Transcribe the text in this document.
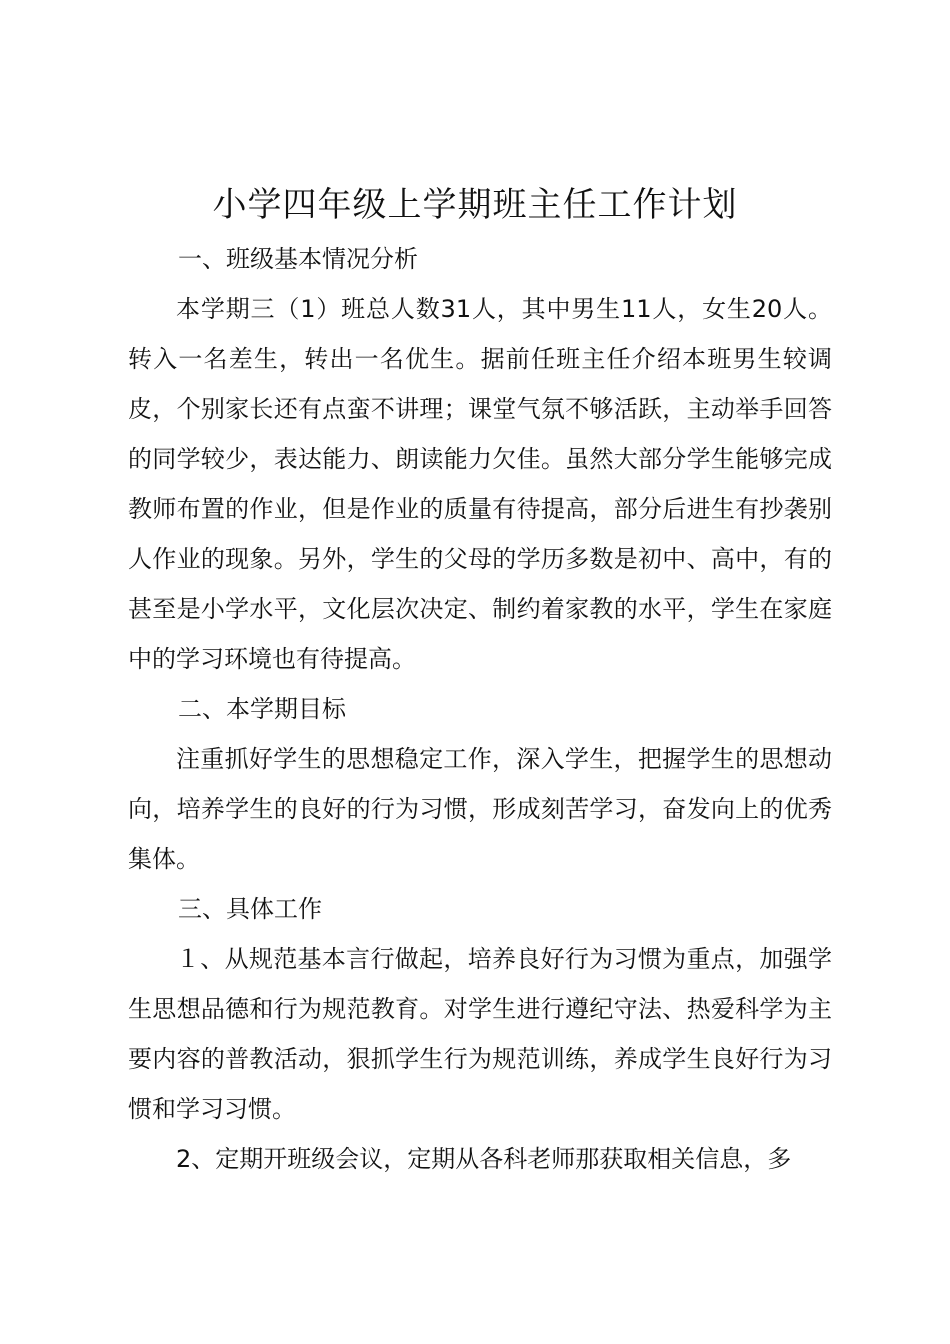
小学四年级上学期班主任工作计划
一、班级基本情况分析

本学期三（1）班总人数31人，其中男生11人，女生20人。转入一名差生，转出一名优生。据前任班主任介绍本班男生较调皮，个别家长还有点蛮不讲理；课堂气氛不够活跃，主动举手回答的同学较少，表达能力、朗读能力欠佳。虽然大部分学生能够完成教师布置的作业，但是作业的质量有待提高，部分后进生有抄袭别人作业的现象。另外，学生的父母的学历多数是初中、高中，有的甚至是小学水平，文化层次决定、制约着家教的水平，学生在家庭中的学习环境也有待提高。

二、本学期目标

注重抓好学生的思想稳定工作，深入学生，把握学生的思想动向，培养学生的良好的行为习惯，形成刻苦学习，奋发向上的优秀集体。

三、具体工作

１、从规范基本言行做起，培养良好行为习惯为重点，加强学生思想品德和行为规范教育。对学生进行遵纪守法、热爱科学为主要内容的普教活动，狠抓学生行为规范训练，养成学生良好行为习惯和学习习惯。

2、定期开班级会议，定期从各科老师那获取相关信息，多
